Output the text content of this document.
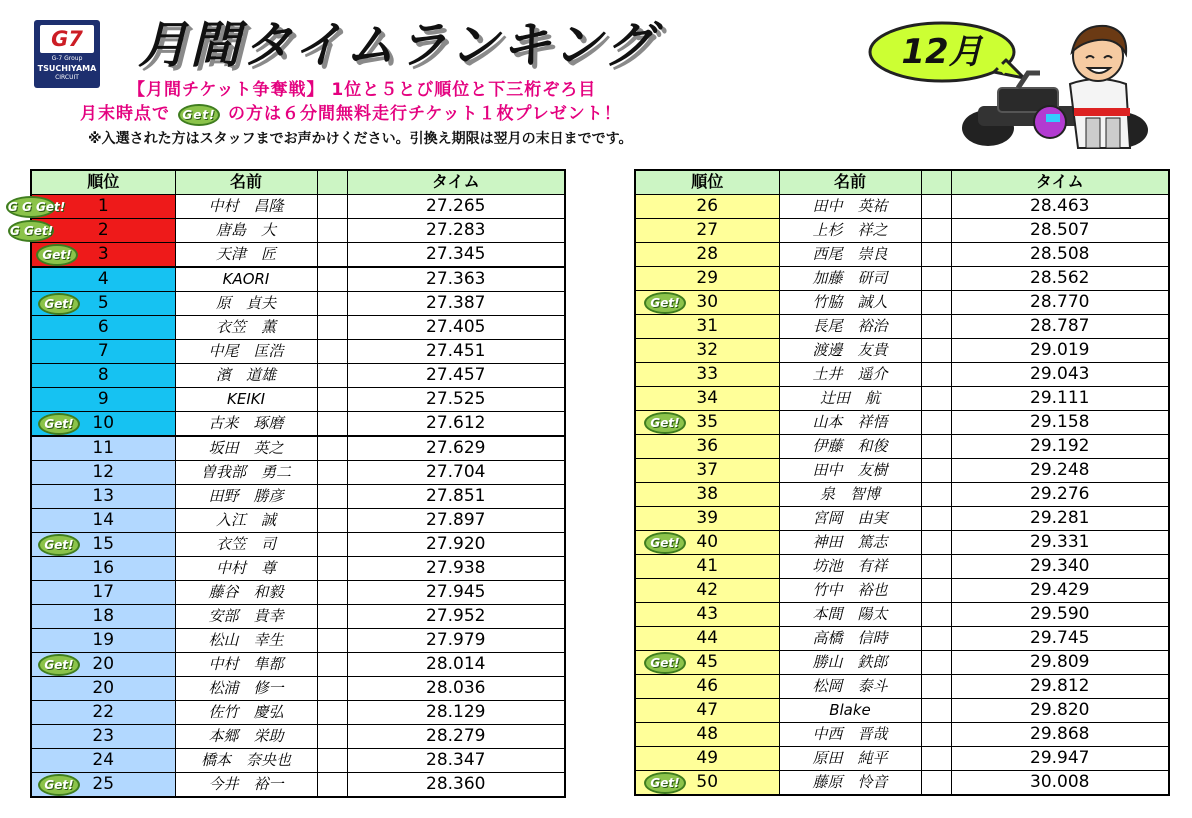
G7
G-7 Group
TSUCHIYAMA
CIRCUIT
月間タイムランキング	12月
【月間チケット争奪戦】 1位と５とび順位と下三桁ぞろ目
月末時点で Get! の方は６分間無料走行チケット１枚プレゼント！
※入選された方はスタッフまでお声かけください。引換え期限は翌月の末日までです。
順位	名前		タイム

G G Get! 1	中村　昌隆		27.265

G Get! 2	唐島　大		27.283

Get! 3	天津　匠		27.345
4	KAORI		27.363

Get! 5	原　貞夫		27.387
6	衣笠　薫		27.405
7	中尾　匡浩		27.451
8	濱　道雄		27.457
9	KEIKI		27.525

Get! 10	古来　琢磨		27.612
11	坂田　英之		27.629
12	曽我部　勇二		27.704
13	田野　勝彦		27.851
14	入江　誠		27.897

Get! 15	衣笠　司		27.920
16	中村　尊		27.938
17	藤谷　和毅		27.945
18	安部　貴幸		27.952
19	松山　幸生		27.979

Get! 20	中村　隼都		28.014
20	松浦　修一		28.036
22	佐竹　慶弘		28.129
23	本郷　栄助		28.279
24	橋本　奈央也		28.347

Get! 25	今井　裕一		28.360
順位	名前		タイム
26	田中　英祐		28.463
27	上杉　祥之		28.507
28	西尾　崇良		28.508
29	加藤　研司		28.562

Get! 30	竹脇　誠人		28.770
31	長尾　裕治		28.787
32	渡邊　友貴		29.019
33	土井　遥介		29.043
34	辻田　航		29.111

Get! 35	山本　祥悟		29.158
36	伊藤　和俊		29.192
37	田中　友樹		29.248
38	泉　智博		29.276
39	宮岡　由実		29.281

Get! 40	神田　篤志		29.331
41	坊池　有祥		29.340
42	竹中　裕也		29.429
43	本間　陽太		29.590
44	高橋　信時		29.745

Get! 45	勝山　鉄郎		29.809
46	松岡　泰斗		29.812
47	Blake		29.820
48	中西　晋哉		29.868
49	原田　純平		29.947

Get! 50	藤原　怜音		30.008
